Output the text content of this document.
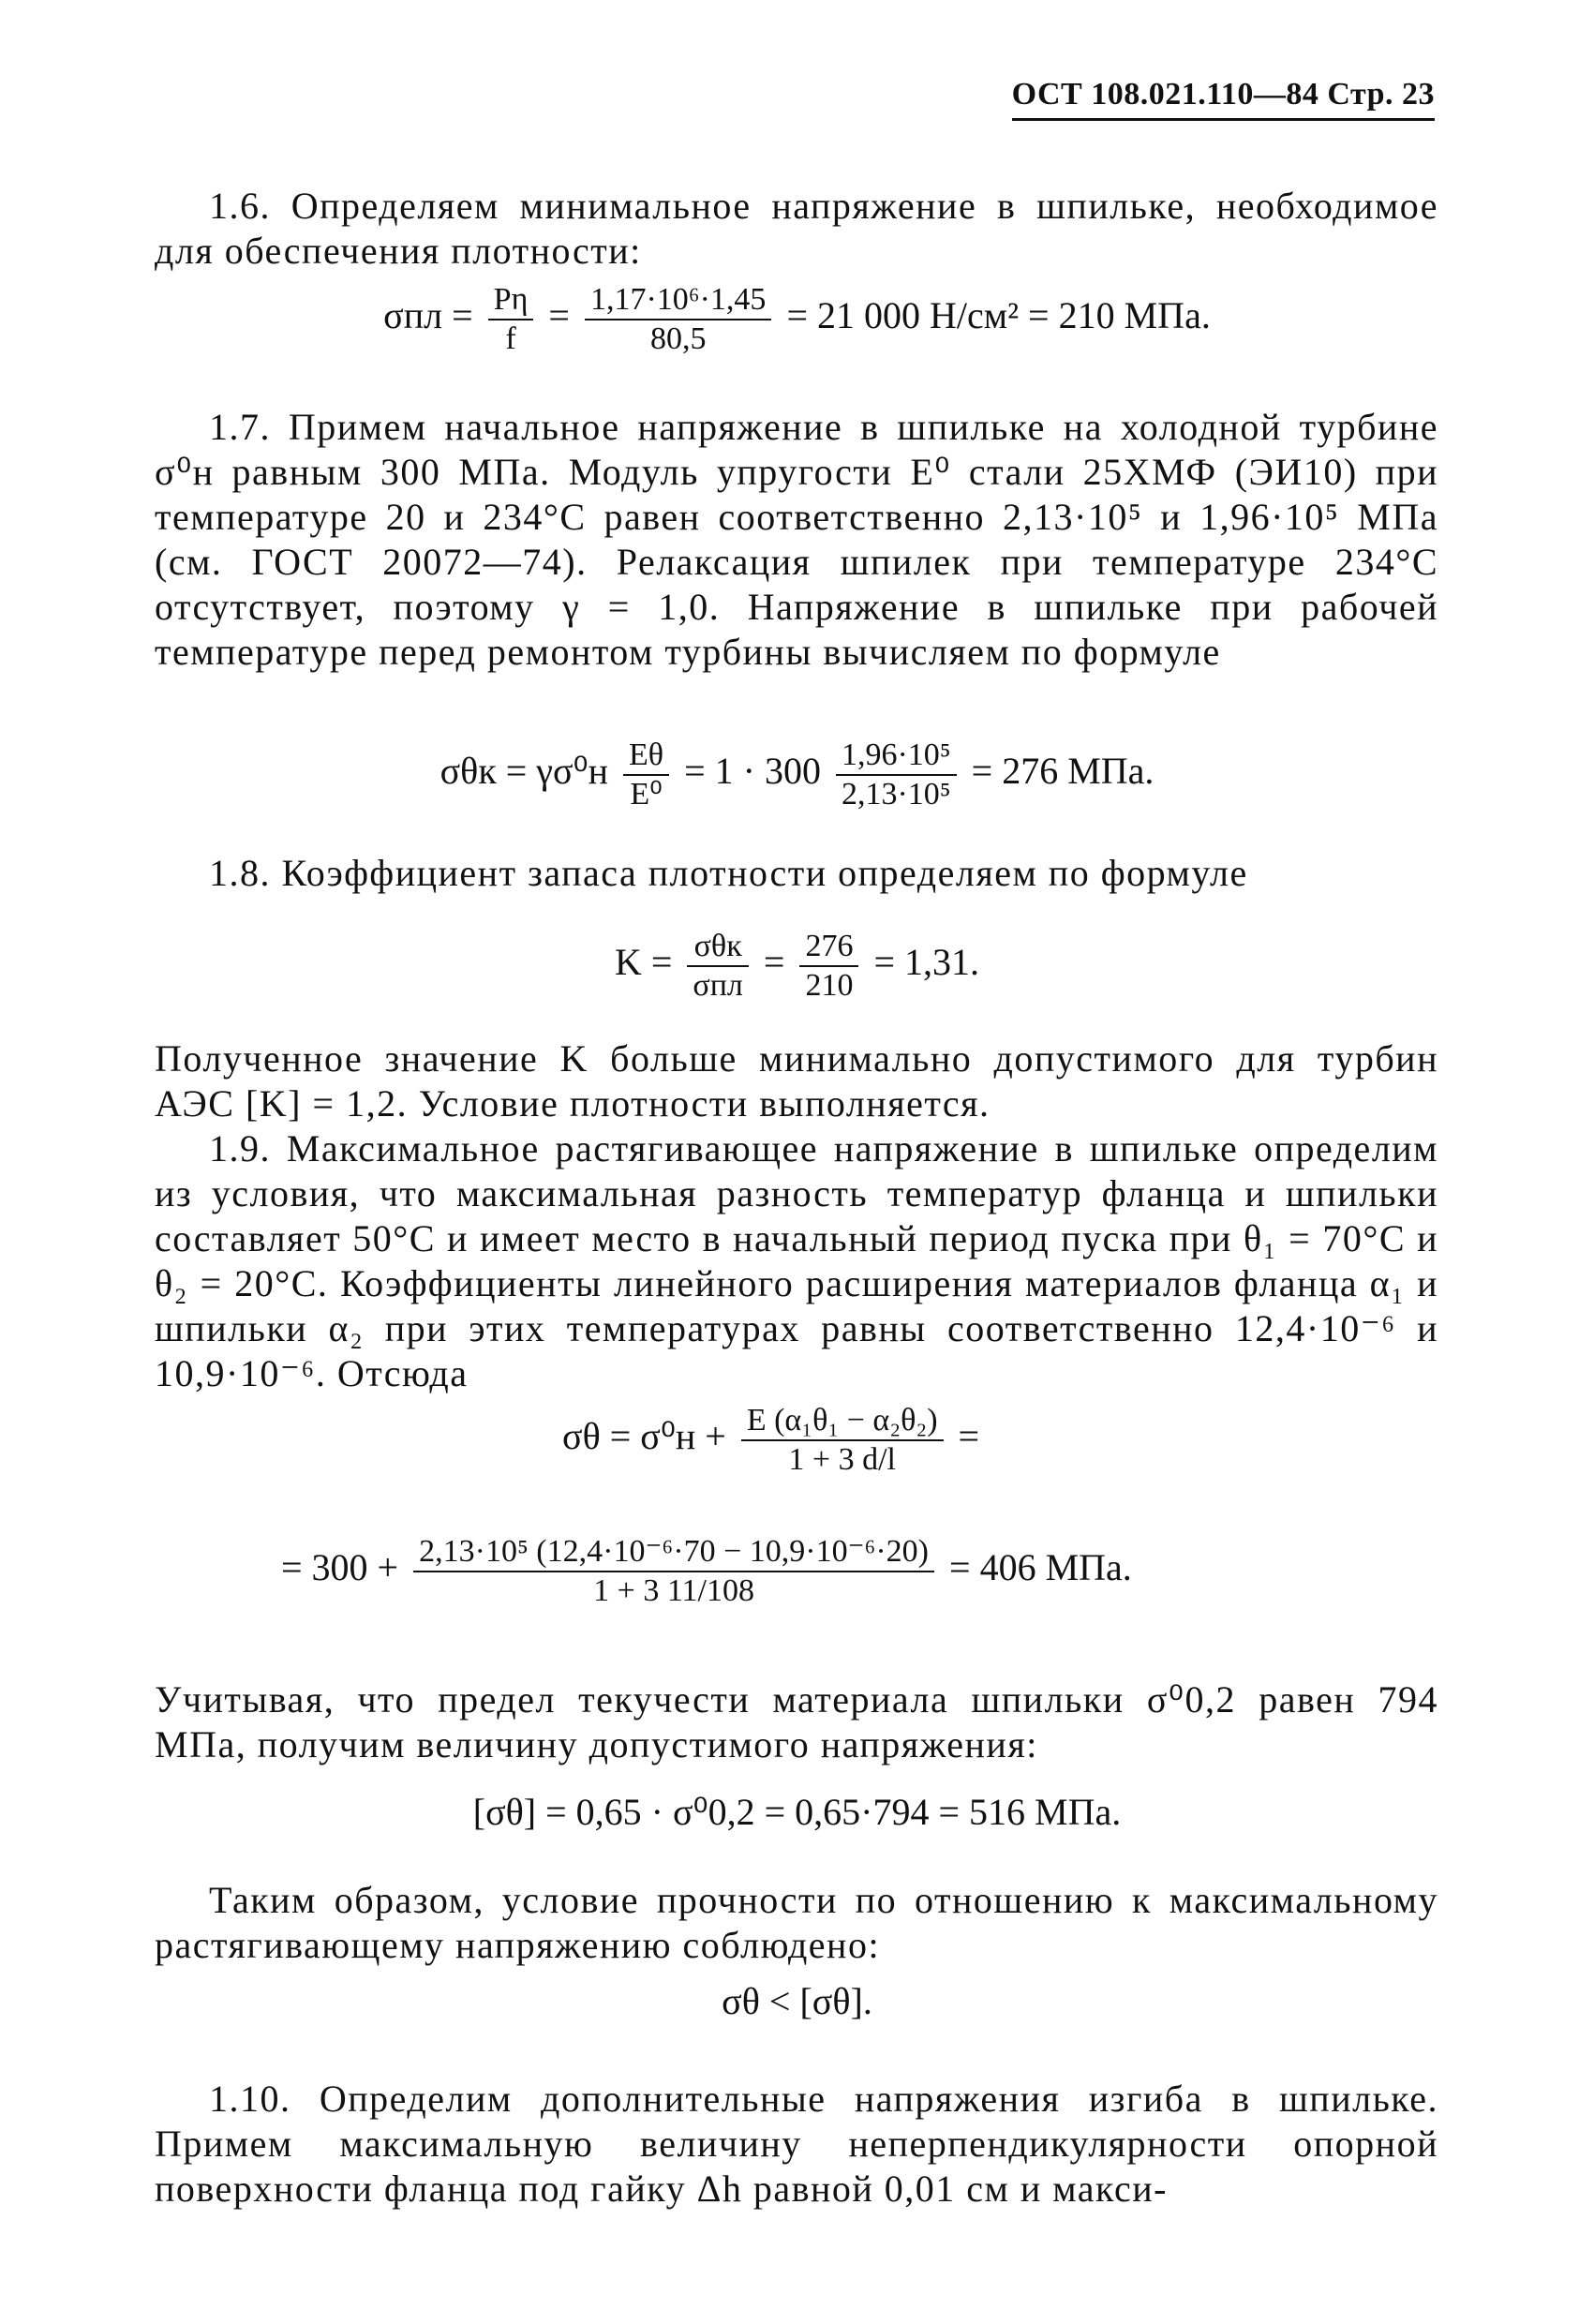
ОСТ 108.021.110—84 Стр. 23
1.6. Определяем минимальное напряжение в шпильке, необходимое для обеспечения плотности:
$\sigma пл = \frac{P\eta}{f} = \frac{\text{1,17·10⁶·1,45}}{80,5} = 21$ 000 Н/см² = 210 МПа.
1.7. Примем начальное напряжение в шпильке на холодной турбине σ⁰н равным 300 МПа. Модуль упругости E⁰ стали 25ХМФ (ЭИ10) при температуре 20 и 234°С равен соответственно 2,13·10⁵ и 1,96·10⁵ МПа (см. ГОСТ 20072—74). Релаксация шпилек при температуре 234°С отсутствует, поэтому γ = 1,0. Напряжение в шпильке при рабочей температуре перед ремонтом турбины вычисляем по формуле
$\sigma\theta к = \gamma\sigma^0н \frac{E\theta}{\text{E⁰}} = 1 \cdot 300 \frac{\text{1,96·10⁵}}{\text{2,13·10⁵}} = 276$ МПа.
1.8. Коэффициент запаса плотности определяем по формуле
$K = \frac{\text{σθк}}{\text{σпл}} = \frac{276}{210} = 1,31$.
Полученное значение K больше минимально допустимого для турбин АЭС [K] = 1,2. Условие плотности выполняется.
1.9. Максимальное растягивающее напряжение в шпильке определим из условия, что максимальная разность температур фланца и шпильки составляет 50°С и имеет место в начальный период пуска при θ₁ = 70°С и θ₂ = 20°С. Коэффициенты линейного расширения материалов фланца α₁ и шпильки α₂ при этих температурах равны соответственно 12,4·10⁻⁶ и 10,9·10⁻⁶. Отсюда
$\sigma\theta = \sigma^0н + \frac{\text{E (α₁θ₁ − α₂θ₂)}}{1 + 3 d/l}$ =
= $300 + \frac{\text{2,13·10⁵ (12,4·10⁻⁶·70 − 10,9·10⁻⁶·20)}}{1 + 3 11/108} = 406$ МПа.
Учитывая, что предел текучести материала шпильки σ⁰0,2 равен 794 МПа, получим величину допустимого напряжения:
[σθ] = 0,65 · σ⁰0,2 = 0,65·794 = 516 МПа.
Таким образом, условие прочности по отношению к максимальному растягивающему напряжению соблюдено:
σθ < [σθ].
1.10. Определим дополнительные напряжения изгиба в шпильке. Примем максимальную величину неперпендикулярности опорной поверхности фланца под гайку Δh равной 0,01 см и макси-
